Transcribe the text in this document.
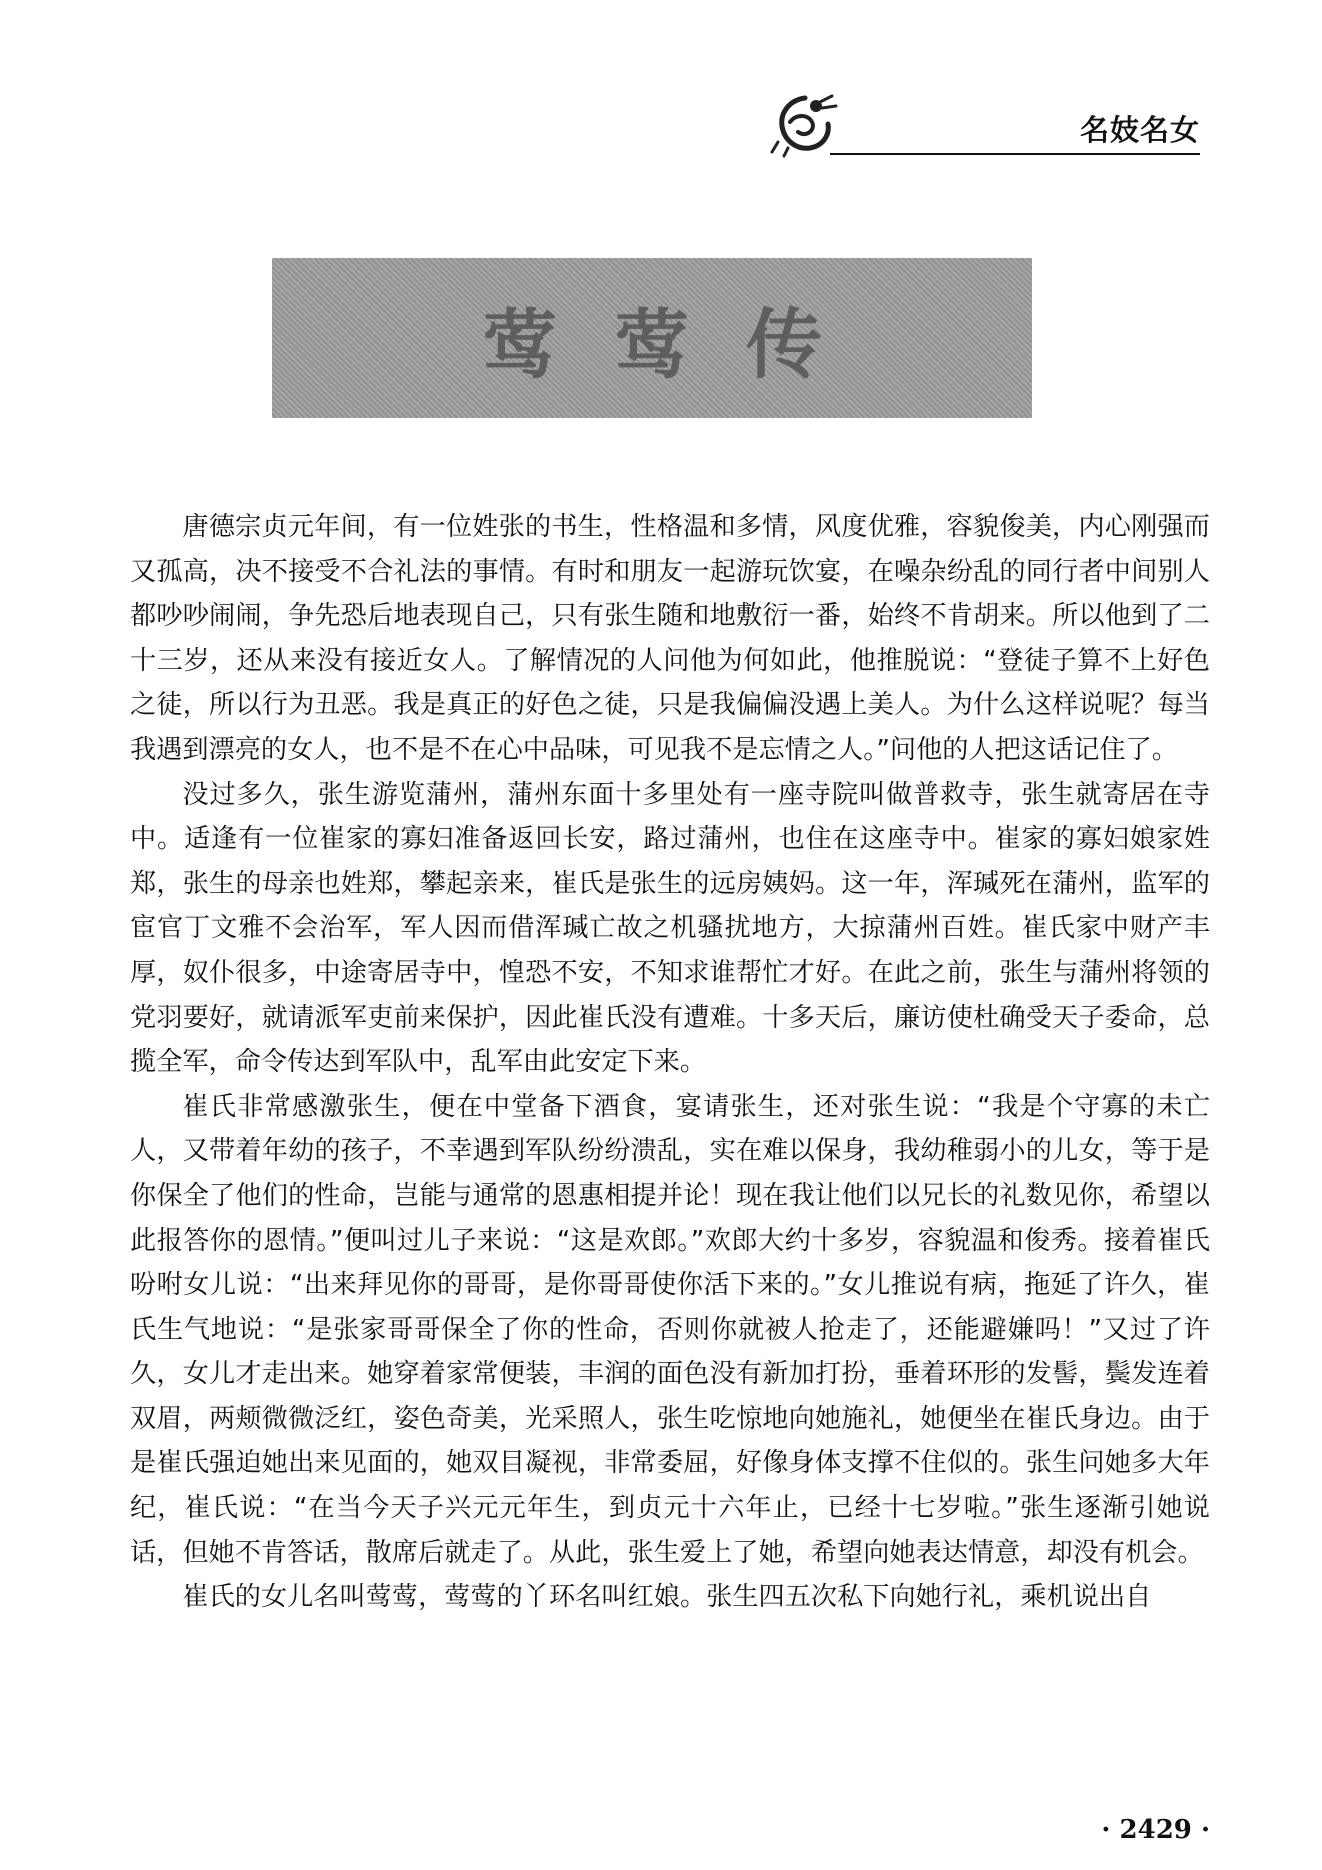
名妓名女
莺莺传

唐德宗贞元年间，有一位姓张的书生，性格温和多情，风度优雅，容貌俊美，内心刚强而又孤高，决不接受不合礼法的事情。有时和朋友一起游玩饮宴，在噪杂纷乱的同行者中间别人都吵吵闹闹，争先恐后地表现自己，只有张生随和地敷衍一番，始终不肯胡来。所以他到了二十三岁，还从来没有接近女人。了解情况的人问他为何如此，他推脱说：“登徒子算不上好色之徒，所以行为丑恶。我是真正的好色之徒，只是我偏偏没遇上美人。为什么这样说呢？每当我遇到漂亮的女人，也不是不在心中品味，可见我不是忘情之人。”问他的人把这话记住了。

没过多久，张生游览蒲州，蒲州东面十多里处有一座寺院叫做普救寺，张生就寄居在寺中。适逢有一位崔家的寡妇准备返回长安，路过蒲州，也住在这座寺中。崔家的寡妇娘家姓郑，张生的母亲也姓郑，攀起亲来，崔氏是张生的远房姨妈。这一年，浑瑊死在蒲州，监军的宦官丁文雅不会治军，军人因而借浑瑊亡故之机骚扰地方，大掠蒲州百姓。崔氏家中财产丰厚，奴仆很多，中途寄居寺中，惶恐不安，不知求谁帮忙才好。在此之前，张生与蒲州将领的党羽要好，就请派军吏前来保护，因此崔氏没有遭难。十多天后，廉访使杜确受天子委命，总揽全军，命令传达到军队中，乱军由此安定下来。

崔氏非常感激张生，便在中堂备下酒食，宴请张生，还对张生说：“我是个守寡的未亡人，又带着年幼的孩子，不幸遇到军队纷纷溃乱，实在难以保身，我幼稚弱小的儿女，等于是你保全了他们的性命，岂能与通常的恩惠相提并论！现在我让他们以兄长的礼数见你，希望以此报答你的恩情。”便叫过儿子来说：“这是欢郎。”欢郎大约十多岁，容貌温和俊秀。接着崔氏吩咐女儿说：“出来拜见你的哥哥，是你哥哥使你活下来的。”女儿推说有病，拖延了许久，崔氏生气地说：“是张家哥哥保全了你的性命，否则你就被人抢走了，还能避嫌吗！”又过了许久，女儿才走出来。她穿着家常便装，丰润的面色没有新加打扮，垂着环形的发髻，鬓发连着双眉，两颊微微泛红，姿色奇美，光采照人，张生吃惊地向她施礼，她便坐在崔氏身边。由于是崔氏强迫她出来见面的，她双目凝视，非常委屈，好像身体支撑不住似的。张生问她多大年纪，崔氏说：“在当今天子兴元元年生，到贞元十六年止，已经十七岁啦。”张生逐渐引她说话，但她不肯答话，散席后就走了。从此，张生爱上了她，希望向她表达情意，却没有机会。

崔氏的女儿名叫莺莺，莺莺的丫环名叫红娘。张生四五次私下向她行礼，乘机说出自

· 2429 ·
